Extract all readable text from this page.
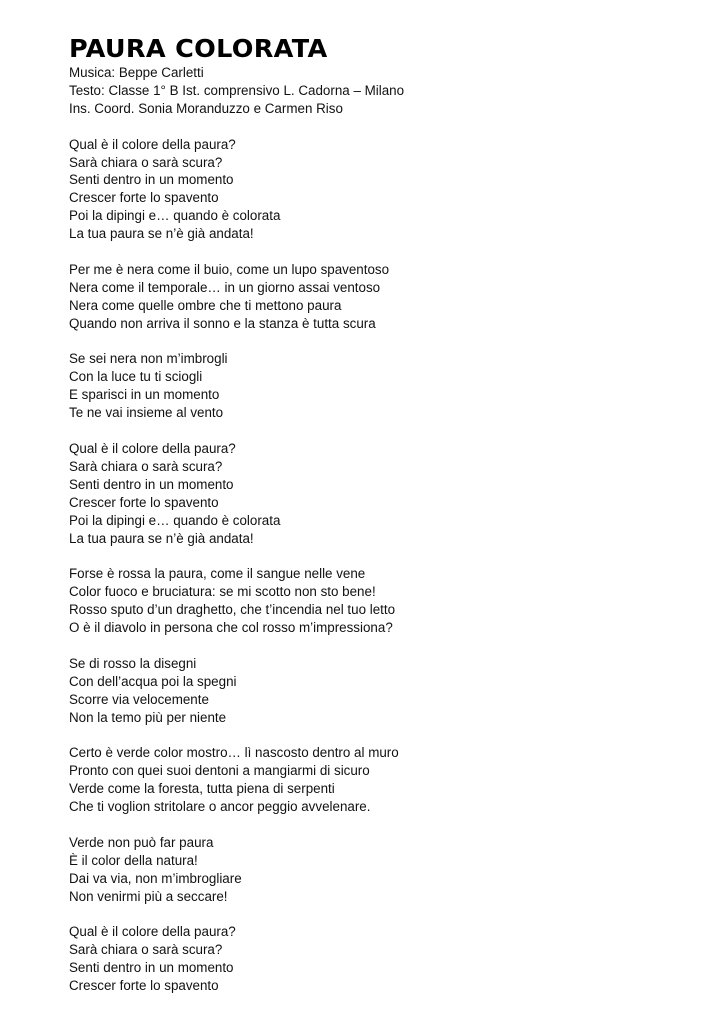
PAURA COLORATA
Musica: Beppe Carletti
Testo: Classe 1° B Ist. comprensivo L. Cadorna – Milano
Ins. Coord. Sonia Moranduzzo e Carmen Riso
Qual è il colore della paura?
Sarà chiara o sarà scura?
Senti dentro in un momento
Crescer forte lo spavento
Poi la dipingi e… quando è colorata
La tua paura se n’è già andata!
Per me è nera come il buio, come un lupo spaventoso
Nera come il temporale… in un giorno assai ventoso
Nera come quelle ombre che ti mettono paura
Quando non arriva il sonno e la stanza è tutta scura
Se sei nera non m’imbrogli
Con la luce tu ti sciogli
E sparisci in un momento
Te ne vai insieme al vento
Qual è il colore della paura?
Sarà chiara o sarà scura?
Senti dentro in un momento
Crescer forte lo spavento
Poi la dipingi e… quando è colorata
La tua paura se n’è già andata!
Forse è rossa la paura, come il sangue nelle vene
Color fuoco e bruciatura: se mi scotto non sto bene!
Rosso sputo d’un draghetto, che t’incendia nel tuo letto
O è il diavolo in persona che col rosso m’impressiona?
Se di rosso la disegni
Con dell’acqua poi la spegni
Scorre via velocemente
Non la temo più per niente
Certo è verde color mostro… lì nascosto dentro al muro
Pronto con quei suoi dentoni a mangiarmi di sicuro
Verde come la foresta, tutta piena di serpenti
Che ti voglion stritolare o ancor peggio avvelenare.
Verde non può far paura
È il color della natura!
Dai va via, non m’imbrogliare
Non venirmi più a seccare!
Qual è il colore della paura?
Sarà chiara o sarà scura?
Senti dentro in un momento
Crescer forte lo spavento
